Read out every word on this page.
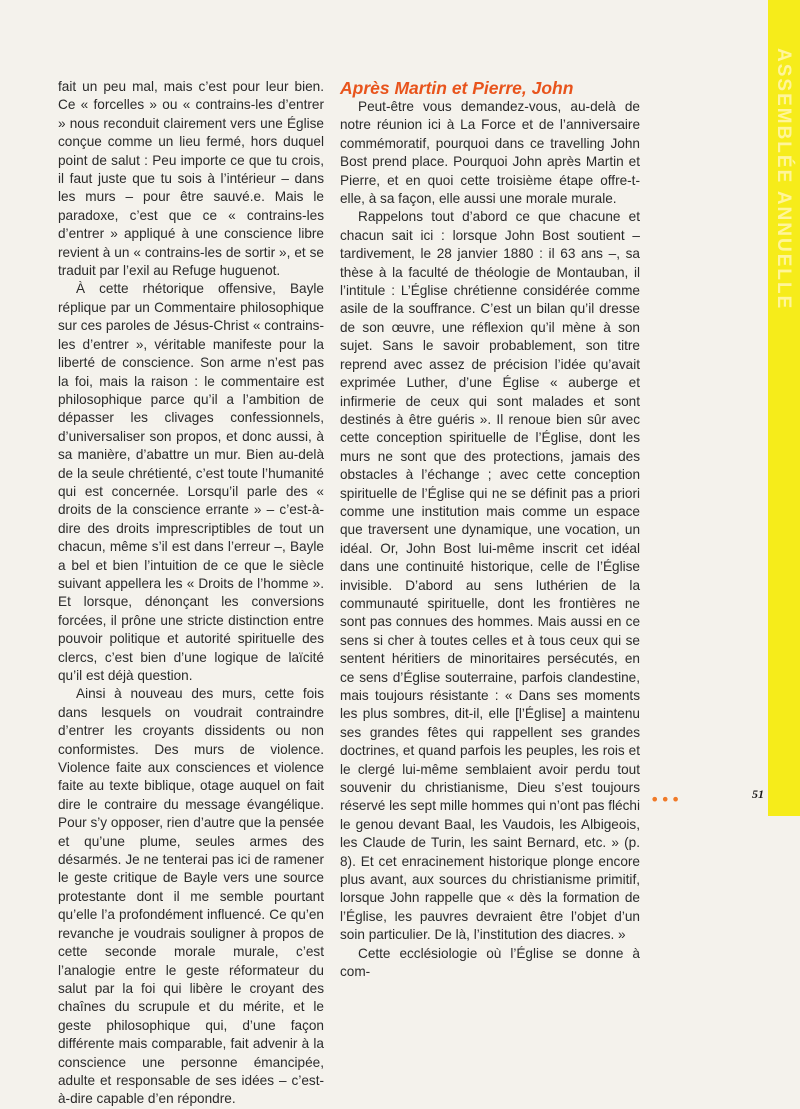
ASSEMBLÉE ANNUELLE

fait un peu mal, mais c’est pour leur bien. Ce « forcelles » ou « contrains-les d’entrer » nous reconduit clairement vers une Église conçue comme un lieu fermé, hors duquel point de salut : Peu importe ce que tu crois, il faut juste que tu sois à l’intérieur – dans les murs – pour être sauvé.e. Mais le paradoxe, c’est que ce « contrains-les d’entrer » appliqué à une conscience libre revient à un « contrains-les de sortir », et se traduit par l’exil au Refuge huguenot.

À cette rhétorique offensive, Bayle réplique par un Commentaire philosophique sur ces paroles de Jésus-Christ « contrains-les d’entrer », véritable manifeste pour la liberté de conscience. Son arme n’est pas la foi, mais la raison : le commentaire est philosophique parce qu’il a l’ambition de dépasser les clivages confessionnels, d’universaliser son propos, et donc aussi, à sa manière, d’abattre un mur. Bien au-delà de la seule chrétienté, c’est toute l’humanité qui est concernée. Lorsqu’il parle des « droits de la conscience errante » – c’est-à-dire des droits imprescriptibles de tout un chacun, même s’il est dans l’erreur –, Bayle a bel et bien l’intuition de ce que le siècle suivant appellera les « Droits de l’homme ». Et lorsque, dénonçant les conversions forcées, il prône une stricte distinction entre pouvoir politique et autorité spirituelle des clercs, c’est bien d’une logique de laïcité qu’il est déjà question.

Ainsi à nouveau des murs, cette fois dans lesquels on voudrait contraindre d’entrer les croyants dissidents ou non conformistes. Des murs de violence. Violence faite aux consciences et violence faite au texte biblique, otage auquel on fait dire le contraire du message évangélique. Pour s’y opposer, rien d’autre que la pensée et qu’une plume, seules armes des désarmés. Je ne tenterai pas ici de ramener le geste critique de Bayle vers une source protestante dont il me semble pourtant qu’elle l’a profondément influencé. Ce qu’en revanche je voudrais souligner à propos de cette seconde morale murale, c’est l’analogie entre le geste réformateur du salut par la foi qui libère le croyant des chaînes du scrupule et du mérite, et le geste philosophique qui, d’une façon différente mais comparable, fait advenir à la conscience une personne émancipée, adulte et responsable de ses idées – c’est-à-dire capable d’en répondre.

Après Martin et Pierre, John

Peut-être vous demandez-vous, au-delà de notre réunion ici à La Force et de l’anniversaire commémoratif, pourquoi dans ce travelling John Bost prend place. Pourquoi John après Martin et Pierre, et en quoi cette troisième étape offre-t-elle, à sa façon, elle aussi une morale murale.

Rappelons tout d’abord ce que chacune et chacun sait ici : lorsque John Bost soutient – tardivement, le 28 janvier 1880 : il 63 ans –, sa thèse à la faculté de théologie de Montauban, il l’intitule : L’Église chrétienne considérée comme asile de la souffrance. C’est un bilan qu’il dresse de son œuvre, une réflexion qu’il mène à son sujet. Sans le savoir probablement, son titre reprend avec assez de précision l’idée qu’avait exprimée Luther, d’une Église « auberge et infirmerie de ceux qui sont malades et sont destinés à être guéris ». Il renoue bien sûr avec cette conception spirituelle de l’Église, dont les murs ne sont que des protections, jamais des obstacles à l’échange ; avec cette conception spirituelle de l’Église qui ne se définit pas a priori comme une institution mais comme un espace que traversent une dynamique, une vocation, un idéal. Or, John Bost lui-même inscrit cet idéal dans une continuité historique, celle de l’Église invisible. D’abord au sens luthérien de la communauté spirituelle, dont les frontières ne sont pas connues des hommes. Mais aussi en ce sens si cher à toutes celles et à tous ceux qui se sentent héritiers de minoritaires persécutés, en ce sens d’Église souterraine, parfois clandestine, mais toujours résistante : « Dans ses moments les plus sombres, dit-il, elle [l’Église] a maintenu ses grandes fêtes qui rappellent ses grandes doctrines, et quand parfois les peuples, les rois et le clergé lui-même semblaient avoir perdu tout souvenir du christianisme, Dieu s’est toujours réservé les sept mille hommes qui n’ont pas fléchi le genou devant Baal, les Vaudois, les Albigeois, les Claude de Turin, les saint Bernard, etc. » (p. 8). Et cet enracinement historique plonge encore plus avant, aux sources du christianisme primitif, lorsque John rappelle que « dès la formation de l’Église, les pauvres devraient être l’objet d’un soin particulier. De là, l’institution des diacres. »

Cette ecclésiologie où l’Église se donne à com-

•••	51
